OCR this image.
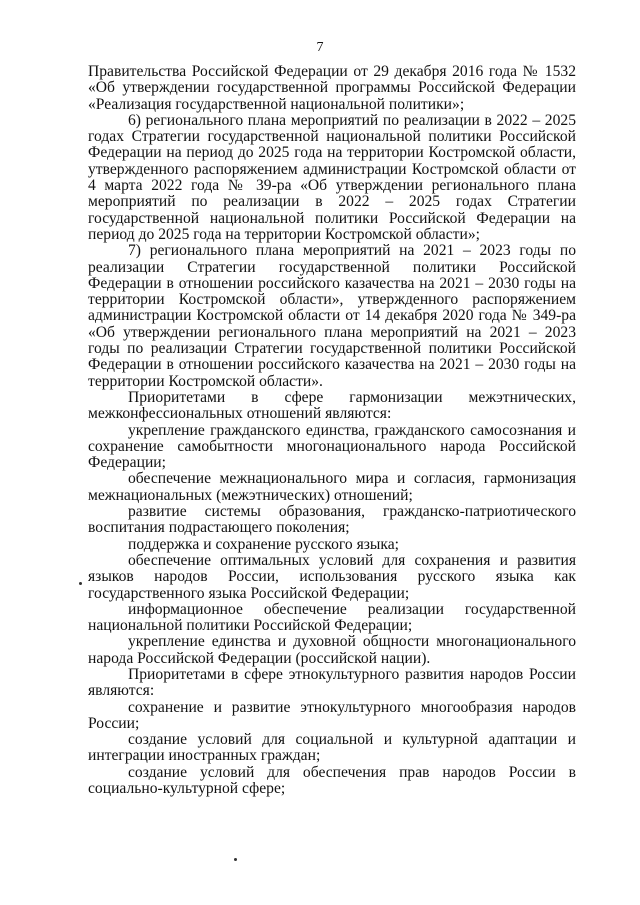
7

Правительства Российской Федерации от 29 декабря 2016 года № 1532 «Об утверждении государственной программы Российской Федерации «Реализация государственной национальной политики»;

6) регионального плана мероприятий по реализации в 2022 – 2025 годах Стратегии государственной национальной политики Российской Федерации на период до 2025 года на территории Костромской области, утвержденного распоряжением администрации Костромской области от 4 марта 2022 года № 39-ра «Об утверждении регионального плана мероприятий по реализации в 2022 – 2025 годах Стратегии государственной национальной политики Российской Федерации на период до 2025 года на территории Костромской области»;

7) регионального плана мероприятий на 2021 – 2023 годы по реализации Стратегии государственной политики Российской Федерации в отношении российского казачества на 2021 – 2030 годы на территории Костромской области», утвержденного распоряжением администрации Костромской области от 14 декабря 2020 года № 349-ра «Об утверждении регионального плана мероприятий на 2021 – 2023 годы по реализации Стратегии государственной политики Российской Федерации в отношении российского казачества на 2021 – 2030 годы на территории Костромской области».

Приоритетами в сфере гармонизации межэтнических, межконфессиональных отношений являются:

укрепление гражданского единства, гражданского самосознания и сохранение самобытности многонационального народа Российской Федерации;

обеспечение межнационального мира и согласия, гармонизация межнациональных (межэтнических) отношений;

развитие системы образования, гражданско-патриотического воспитания подрастающего поколения;

поддержка и сохранение русского языка;

обеспечение оптимальных условий для сохранения и развития языков народов России, использования русского языка как государственного языка Российской Федерации;

информационное обеспечение реализации государственной национальной политики Российской Федерации;

укрепление единства и духовной общности многонационального народа Российской Федерации (российской нации).

Приоритетами в сфере этнокультурного развития народов России являются:

сохранение и развитие этнокультурного многообразия народов России;

создание условий для социальной и культурной адаптации и интеграции иностранных граждан;

создание условий для обеспечения прав народов России в социально-культурной сфере;
